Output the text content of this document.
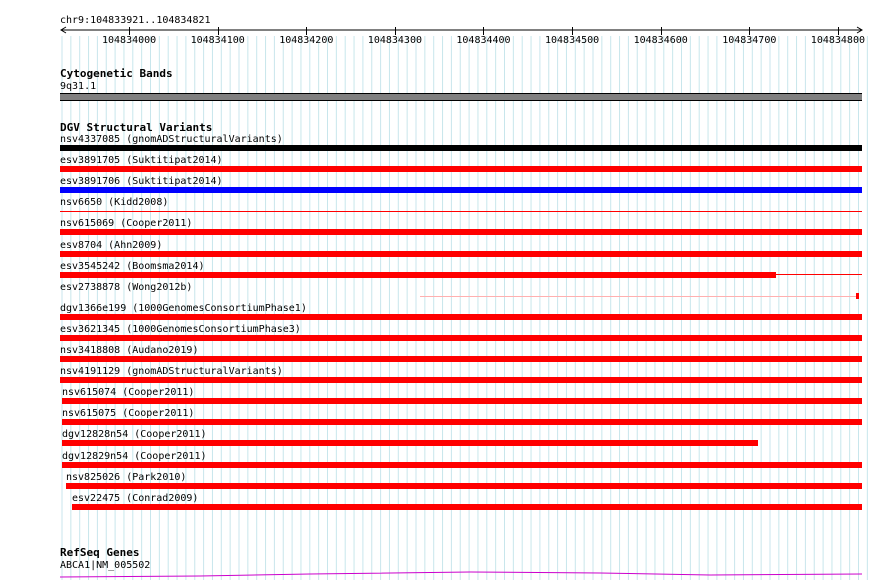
chr9:104833921..104834821
104834000	104834100	104834200	104834300	104834400	104834500	104834600	104834700	104834800
Cytogenetic Bands
9q31.1
DGV Structural Variants
nsv4337085 (gnomADStructuralVariants)
esv3891705 (Suktitipat2014)
esv3891706 (Suktitipat2014)
nsv6650 (Kidd2008)
nsv615069 (Cooper2011)
esv8704 (Ahn2009)
esv3545242 (Boomsma2014)
esv2738878 (Wong2012b)
dgv1366e199 (1000GenomesConsortiumPhase1)
esv3621345 (1000GenomesConsortiumPhase3)
nsv3418808 (Audano2019)
nsv4191129 (gnomADStructuralVariants)
nsv615074 (Cooper2011)
nsv615075 (Cooper2011)
dgv12828n54 (Cooper2011)
dgv12829n54 (Cooper2011)
nsv825026 (Park2010)
esv22475 (Conrad2009)
RefSeq Genes
ABCA1|NM_005502
